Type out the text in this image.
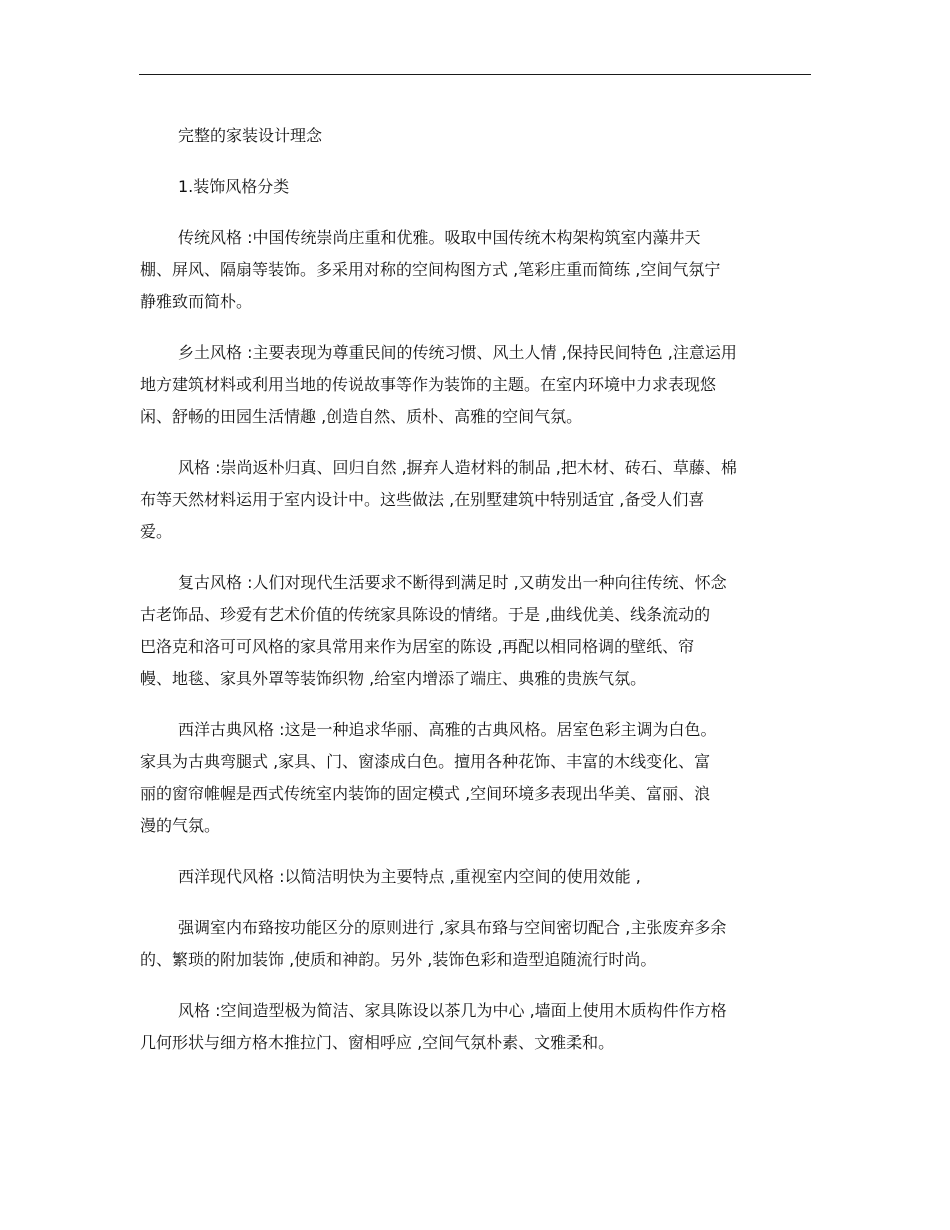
完整的家装设计理念
1.装饰风格分类
传统风格 :中国传统崇尚庄重和优雅。吸取中国传统木构架构筑室内藻井天
棚、屏风、隔扇等装饰。多采用对称的空间构图方式 ,笔彩庄重而简练 ,空间气氛宁
静雅致而简朴。
乡土风格 :主要表现为尊重民间的传统习惯、风土人情 ,保持民间特色 ,注意运用
地方建筑材料或利用当地的传说故事等作为装饰的主题。在室内环境中力求表现悠
闲、舒畅的田园生活情趣 ,创造自然、质朴、高雅的空间气氛。
风格 :崇尚返朴归真、回归自然 ,摒弃人造材料的制品 ,把木材、砖石、草藤、棉
布等天然材料运用于室内设计中。这些做法 ,在别墅建筑中特别适宜 ,备受人们喜
爱。
复古风格 :人们对现代生活要求不断得到满足时 ,又萌发出一种向往传统、怀念
古老饰品、珍爱有艺术价值的传统家具陈设的情绪。于是 ,曲线优美、线条流动的
巴洛克和洛可可风格的家具常用来作为居室的陈设 ,再配以相同格调的壁纸、帘
幔、地毯、家具外罩等装饰织物 ,给室内增添了端庄、典雅的贵族气氛。
西洋古典风格 :这是一种追求华丽、高雅的古典风格。居室色彩主调为白色。
家具为古典弯腿式 ,家具、门、窗漆成白色。擅用各种花饰、丰富的木线变化、富
丽的窗帘帷幄是西式传统室内装饰的固定模式 ,空间环境多表现出华美、富丽、浪
漫的气氛。
西洋现代风格 :以简洁明快为主要特点 ,重视室内空间的使用效能 ,
强调室内布臵按功能区分的原则进行 ,家具布臵与空间密切配合 ,主张废弃多余
的、繁琐的附加装饰 ,使质和神韵。另外 ,装饰色彩和造型追随流行时尚。
风格 :空间造型极为简洁、家具陈设以茶几为中心 ,墙面上使用木质构件作方格
几何形状与细方格木推拉门、窗相呼应 ,空间气氛朴素、文雅柔和。
